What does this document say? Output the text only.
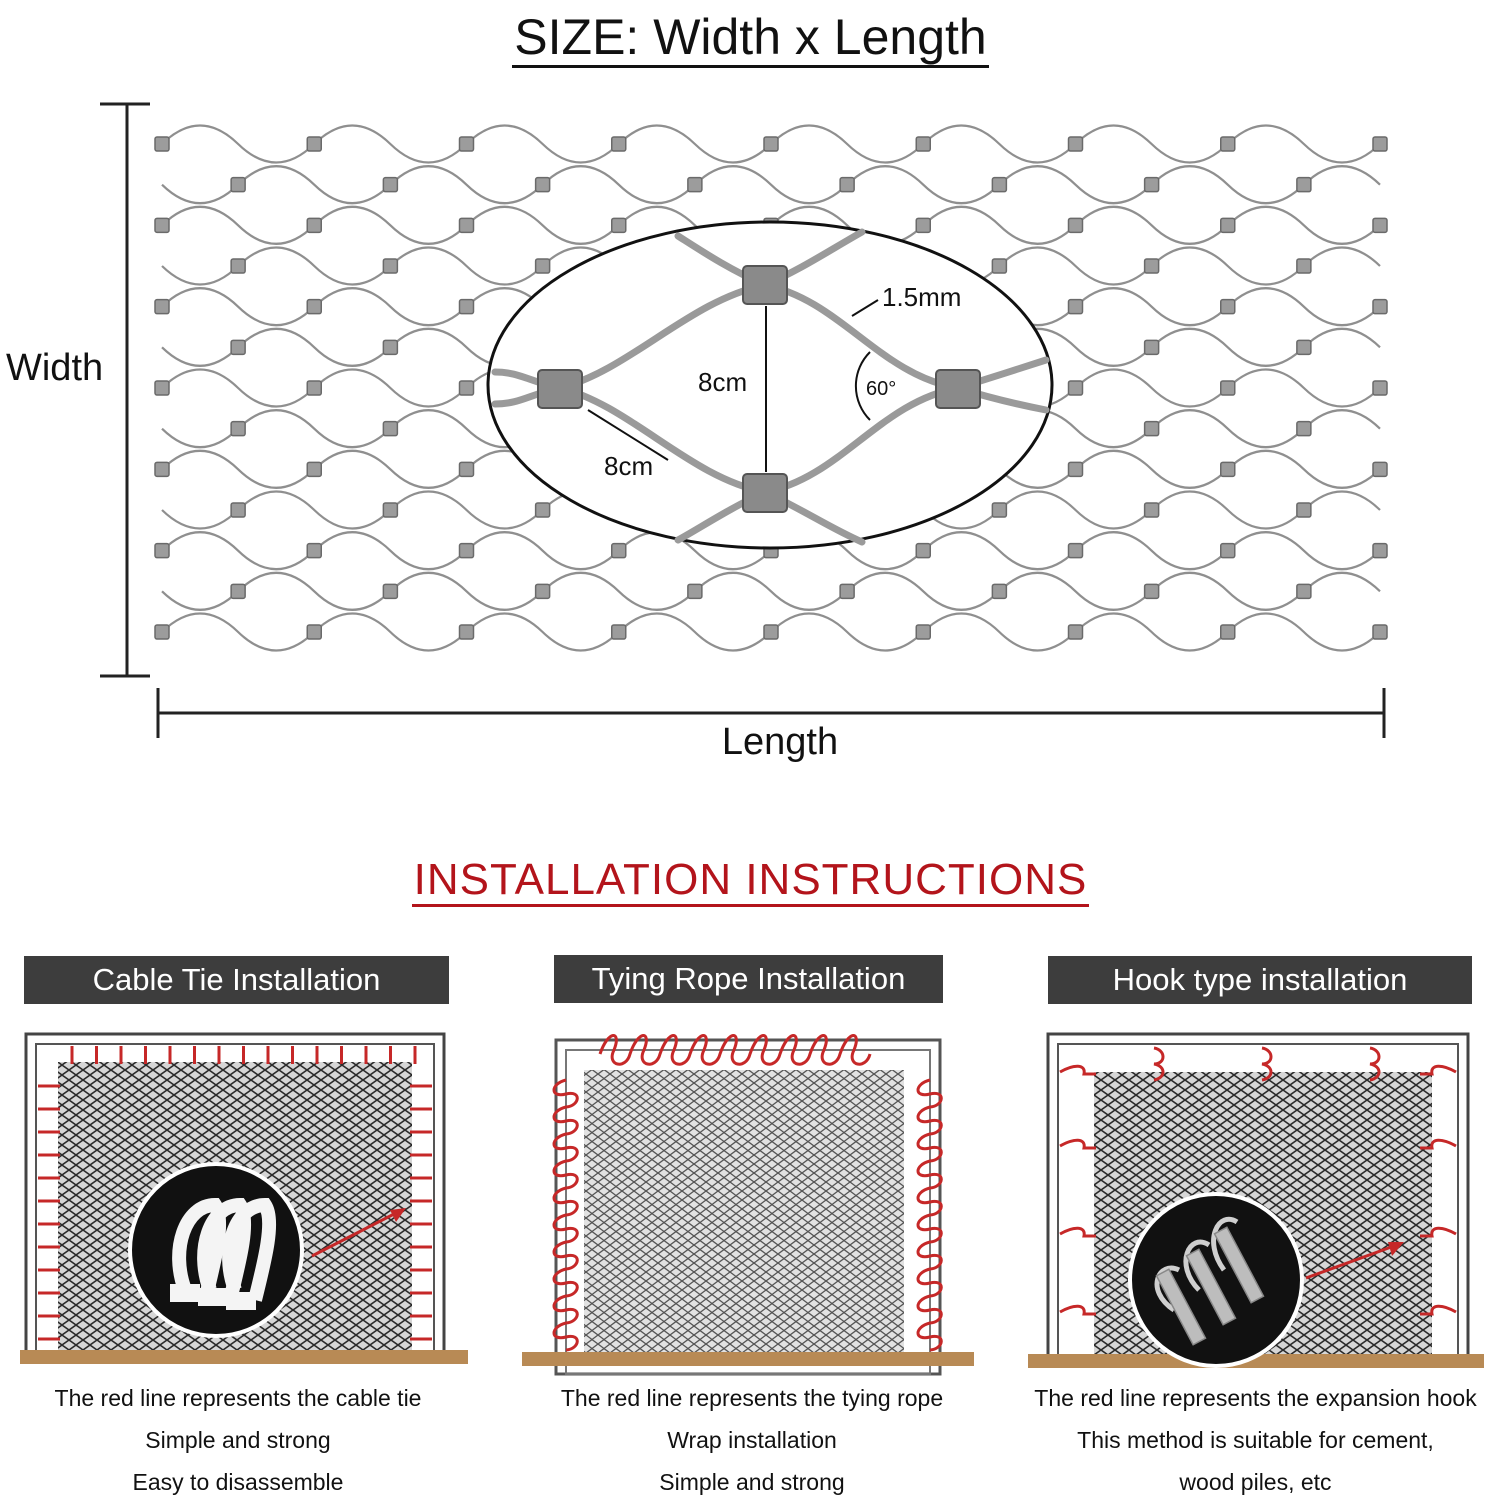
SIZE: Width x Length
Width
Length
8cm
8cm
1.5mm
60°
INSTALLATION INSTRUCTIONS
Cable Tie Installation	Tying Rope Installation	Hook type installation
The red line represents the cable tie
Simple and strong
Easy to disassemble
The red line represents the tying rope
Wrap installation
Simple and strong
The red line represents the expansion hook
This method is suitable for cement,
wood piles, etc
